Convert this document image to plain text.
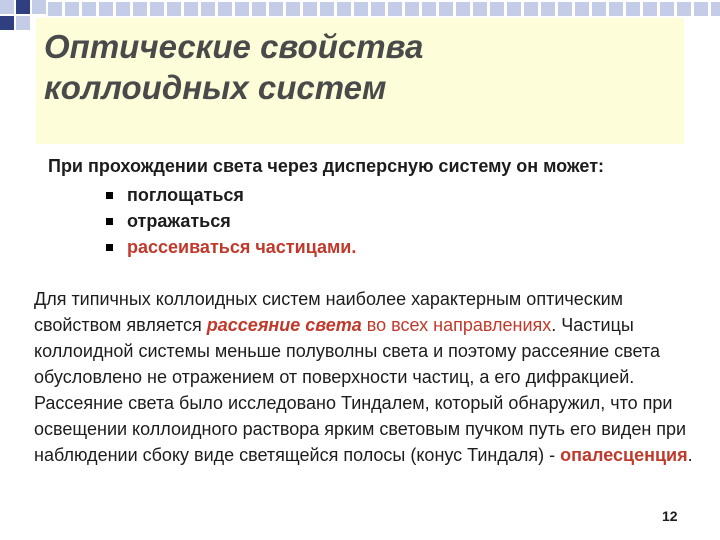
Оптические свойства
коллоидных систем

При прохождении света через дисперсную систему он может:

поглощаться
отражаться
рассеиваться частицами.

Для типичных коллоидных систем наиболее характерным оптическим свойством является рассеяние света во всех направлениях. Частицы коллоидной системы меньше полуволны света и поэтому рассеяние света обусловлено не отражением от поверхности частиц, а его дифракцией. Рассеяние света было исследовано Тиндалем, который обнаружил, что при освещении коллоидного раствора ярким световым пучком путь его виден при наблюдении сбоку виде светящейся полосы (конус Тиндаля) - опалесценция.

12
